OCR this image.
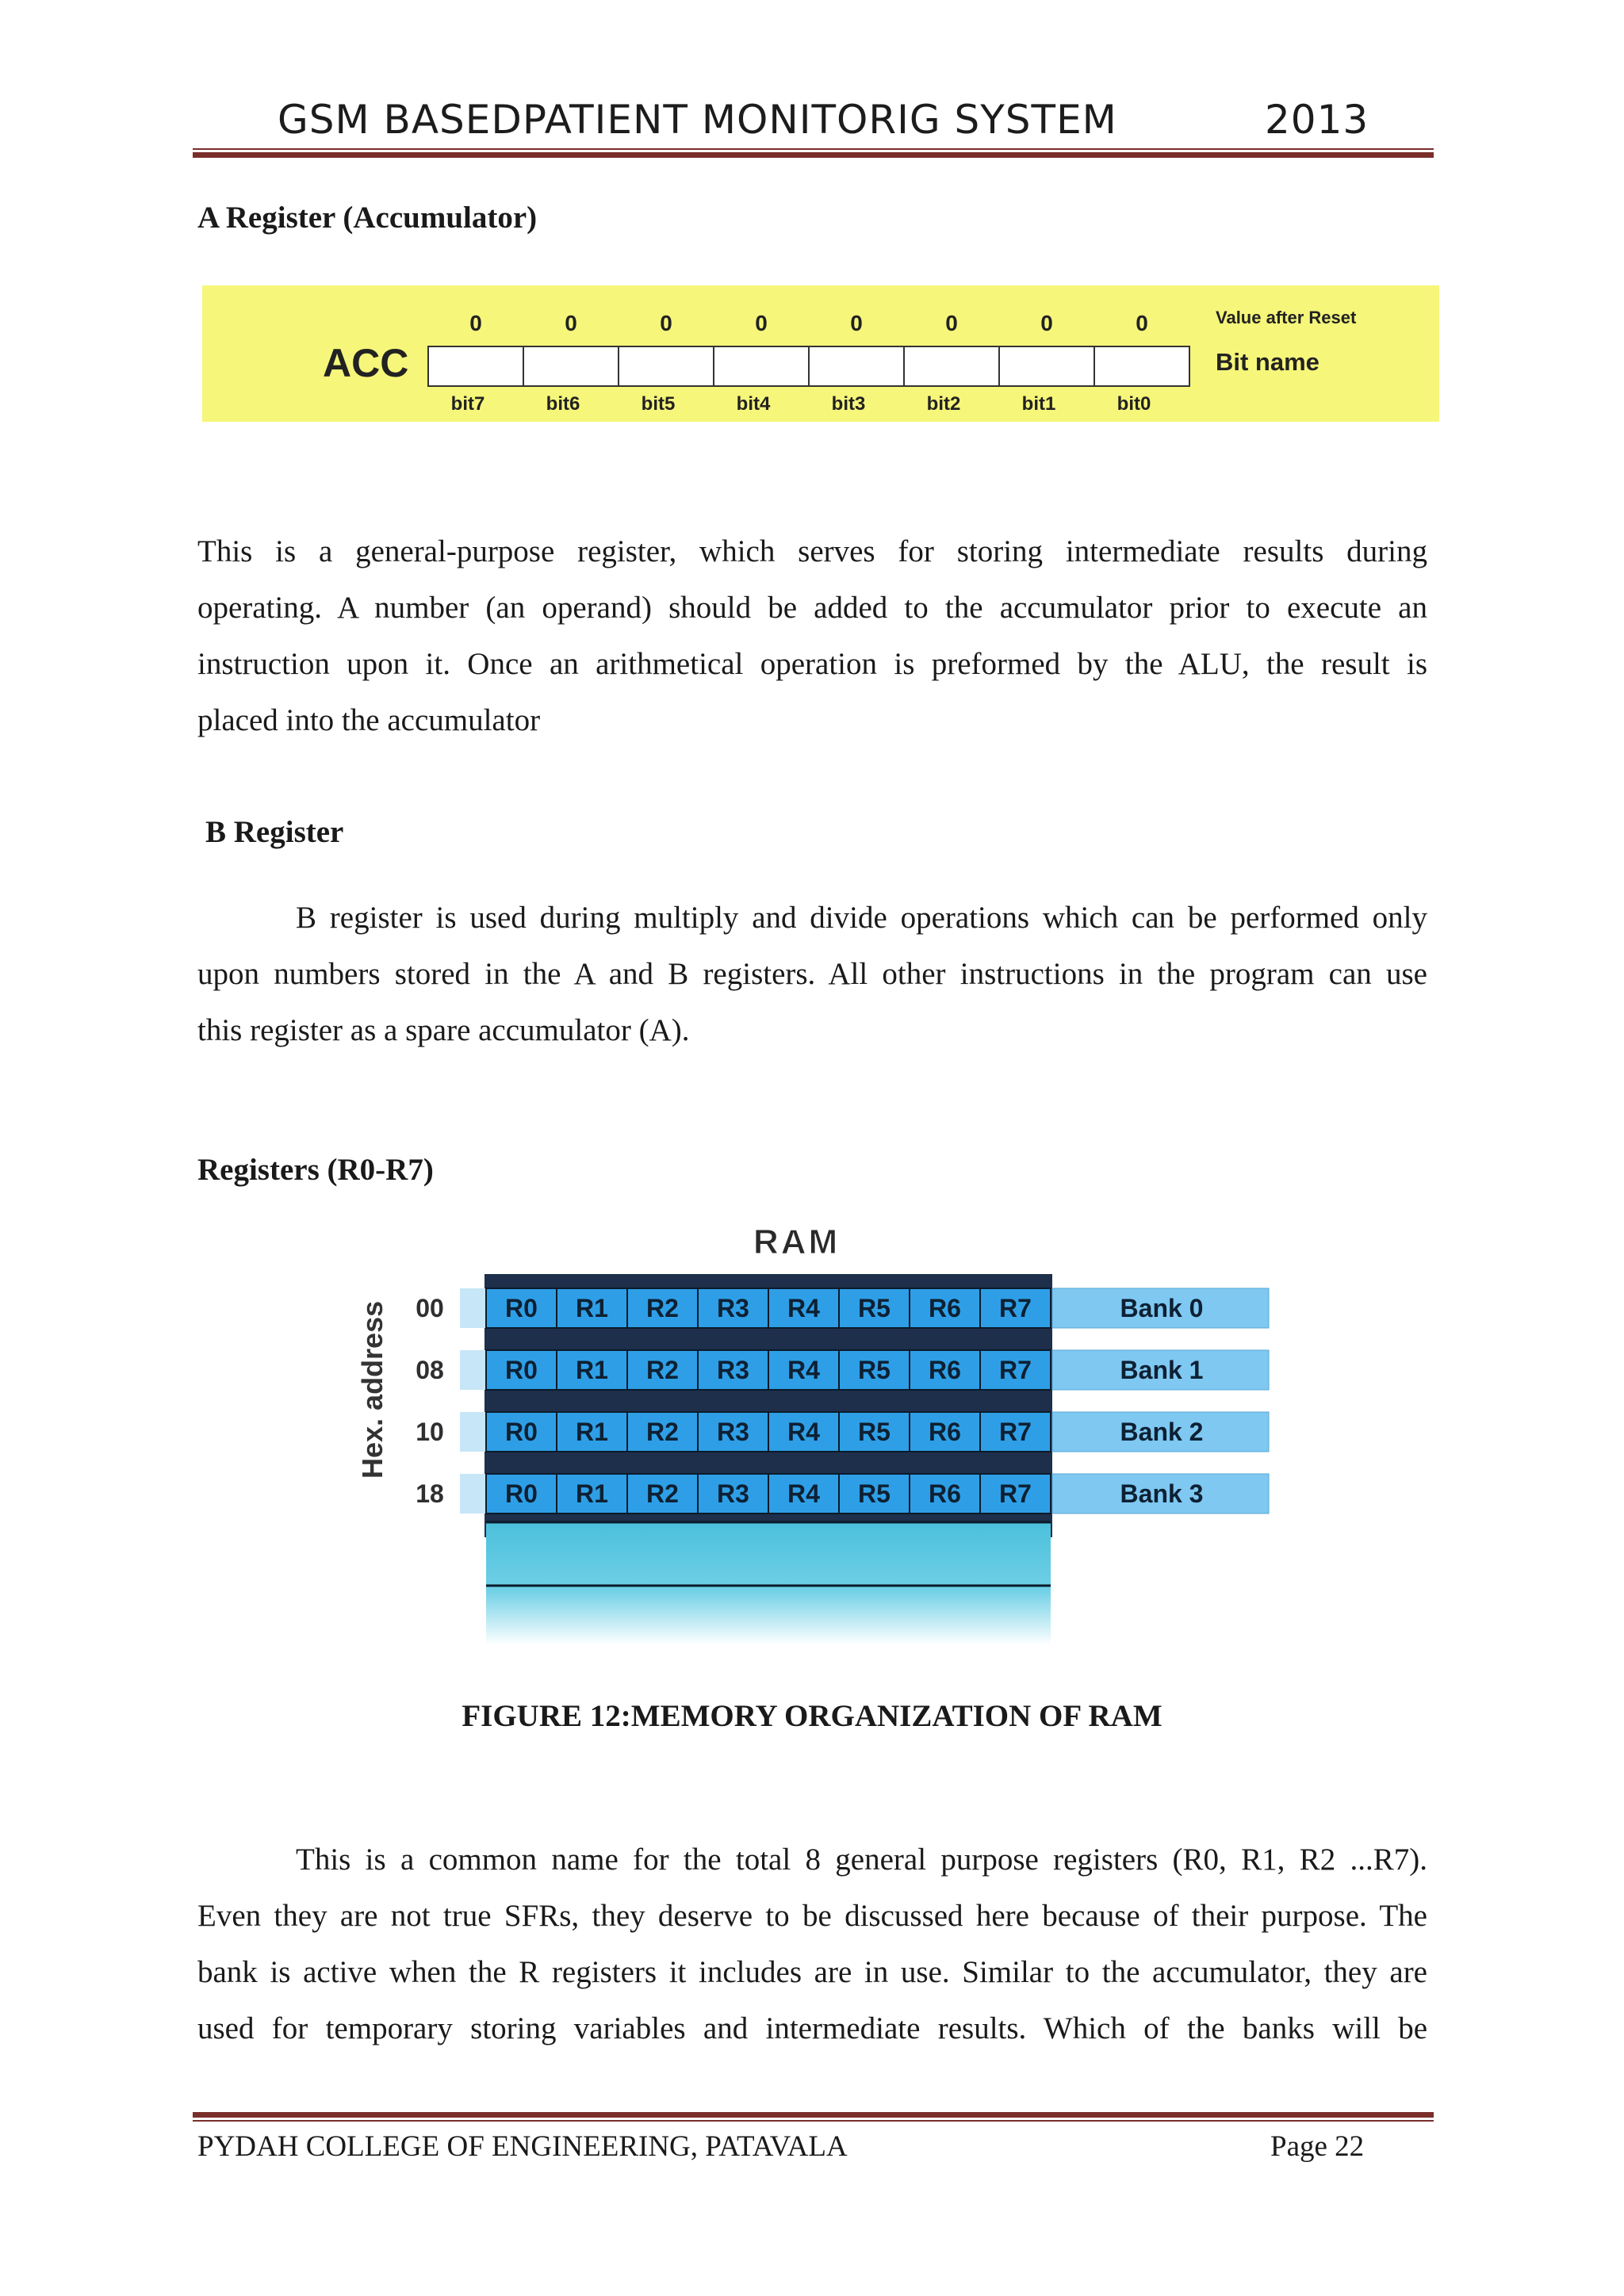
GSM BASEDPATIENT MONITORIG SYSTEM	2013
A Register (Accumulator)
ACC
0
bit7
0
bit6
0
bit5
0
bit4
0
bit3
0
bit2
0
bit1
0
bit0
Value after Reset
Bit name
This is a general-purpose register, which serves for storing intermediate results during
operating. A number (an operand) should be added to the accumulator prior to execute an
instruction upon it. Once an arithmetical operation is preformed by the ALU, the result is
placed into the accumulator
B Register
B register is used during multiply and divide operations which can be performed only
upon numbers stored in the A and B registers. All other instructions in the program can use
this register as a spare accumulator (A).
Registers (R0-R7)
RAM
Hex. address 00 R0 R1 R2 R3 R4 R5 R6 R7	Bank 0
08 R0 R1 R2 R3 R4 R5 R6 R7	Bank 1
10 R0 R1 R2 R3 R4 R5 R6 R7	Bank 2
18 R0 R1 R2 R3 R4 R5 R6 R7	Bank 3
FIGURE 12:MEMORY ORGANIZATION OF RAM
This is a common name for the total 8 general purpose registers (R0, R1, R2 ...R7).
Even they are not true SFRs, they deserve to be discussed here because of their purpose. The
bank is active when the R registers it includes are in use. Similar to the accumulator, they are
used for temporary storing variables and intermediate results. Which of the banks will be
PYDAH COLLEGE OF ENGINEERING, PATAVALA	Page 22
